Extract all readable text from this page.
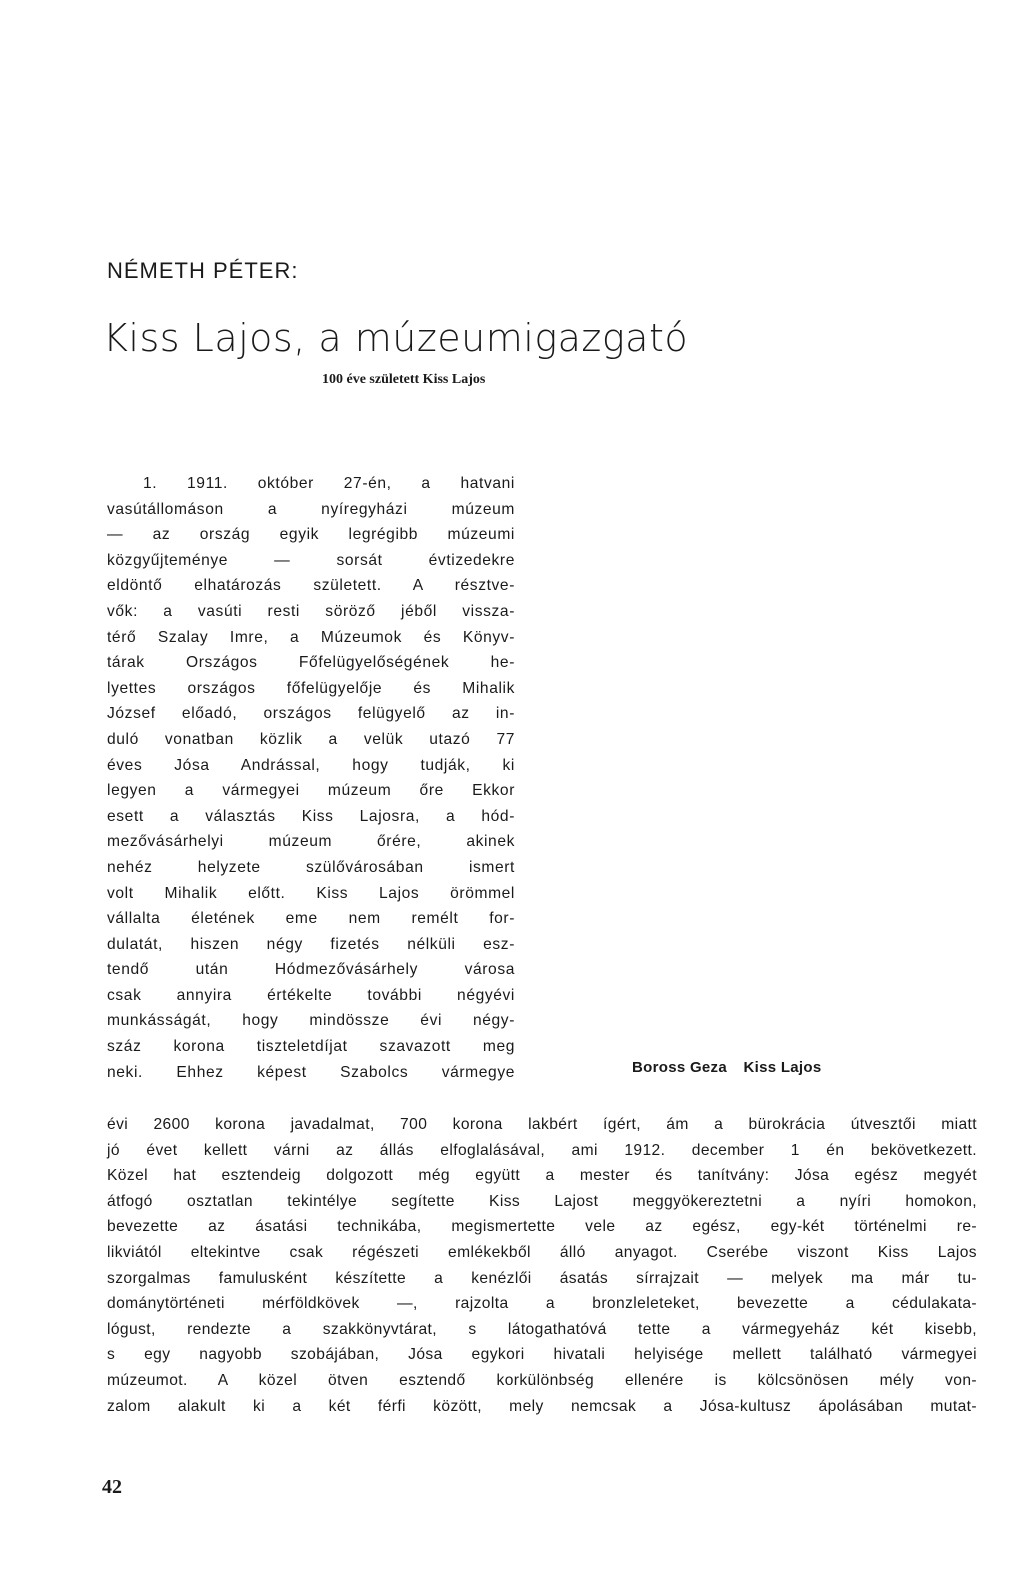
NÉMETH PÉTER:
Kiss Lajos, a múzeumigazgató
100 éve született Kiss Lajos
1. 1911. október 27-én, a hatvani
vasútállomáson a nyíregyházi múzeum
— az ország egyik legrégibb múzeumi
közgyűjteménye — sorsát évtizedekre
eldöntő elhatározás született. A résztve-
vők: a vasúti resti söröző jéből vissza-
térő Szalay Imre, a Múzeumok és Könyv-
tárak Országos Főfelügyelőségének he-
lyettes országos főfelügyelője és Mihalik
József előadó, országos felügyelő az in-
duló vonatban közlik a velük utazó 77
éves Jósa Andrással, hogy tudják, ki
legyen a vármegyei múzeum őre Ekkor
esett a választás Kiss Lajosra, a hód-
mezővásárhelyi múzeum őrére, akinek
nehéz helyzete szülővárosában ismert
volt Mihalik előtt. Kiss Lajos örömmel
vállalta életének eme nem remélt for-
dulatát, hiszen négy fizetés nélküli esz-
tendő után Hódmezővásárhely városa
csak annyira értékelte további négyévi
munkásságát, hogy mindössze évi négy-
száz korona tiszteletdíjat szavazott meg
neki. Ehhez képest Szabolcs vármegye	Boross Geza Kiss Lajos
évi 2600 korona javadalmat, 700 korona lakbért ígért, ám a bürokrácia útvesztői miatt
jó évet kellett várni az állás elfoglalásával, ami 1912. december 1 én bekövetkezett.
Közel hat esztendeig dolgozott még együtt a mester és tanítvány: Jósa egész megyét
átfogó osztatlan tekintélye segítette Kiss Lajost meggyökereztetni a nyíri homokon,
bevezette az ásatási technikába, megismertette vele az egész, egy-két történelmi re-
likviától eltekintve csak régészeti emlékekből álló anyagot. Cserébe viszont Kiss Lajos
szorgalmas famulusként készítette a kenézlői ásatás sírrajzait — melyek ma már tu-
dománytörténeti mérföldkövek —, rajzolta a bronzleleteket, bevezette a cédulakata-
lógust, rendezte a szakkönyvtárat, s látogathatóvá tette a vármegyeház két kisebb,
s egy nagyobb szobájában, Jósa egykori hivatali helyisége mellett található vármegyei
múzeumot. A közel ötven esztendő korkülönbség ellenére is kölcsönösen mély von-
zalom alakult ki a két férfi között, mely nemcsak a Jósa-kultusz ápolásában mutat-
42
